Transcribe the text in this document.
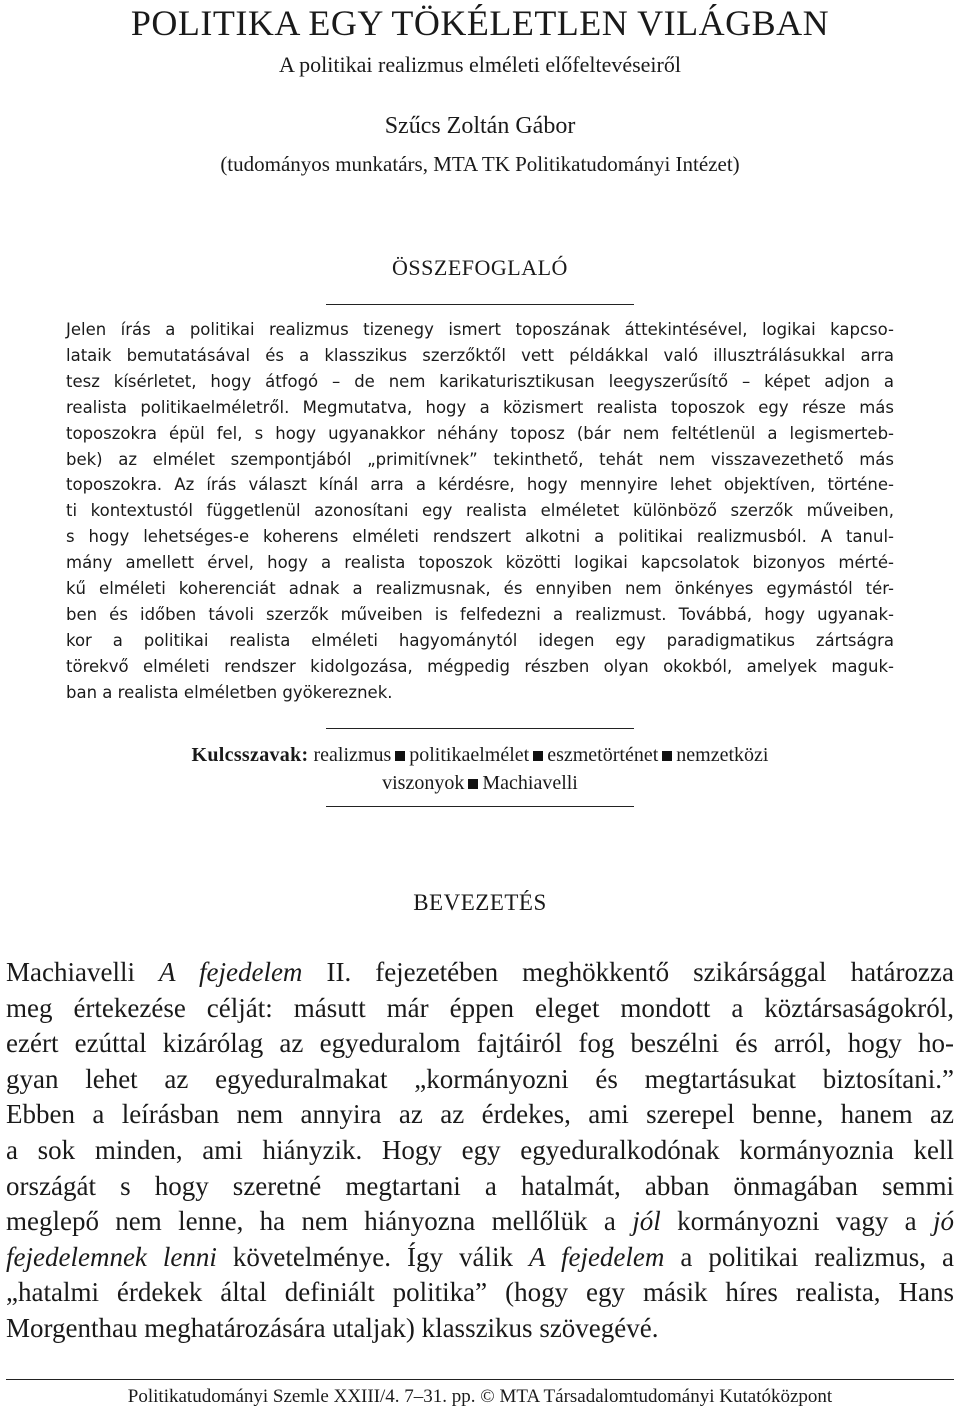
POLITIKA EGY TÖKÉLETLEN VILÁGBAN
A politikai realizmus elméleti előfeltevéseiről
Szűcs Zoltán Gábor
(tudományos munkatárs, MTA TK Politikatudományi Intézet)
ÖSSZEFOGLALÓ
Jelen írás a politikai realizmus tizenegy ismert toposzának áttekintésével, logikai kapcso-
lataik bemutatásával és a klasszikus szerzőktől vett példákkal való illusztrálásukkal arra
tesz kísérletet, hogy átfogó – de nem karikaturisztikusan leegyszerűsítő – képet adjon a
realista politikaelméletről. Megmutatva, hogy a közismert realista toposzok egy része más
toposzokra épül fel, s hogy ugyanakkor néhány toposz (bár nem feltétlenül a legismerteb-
bek) az elmélet szempontjából „primitívnek” tekinthető, tehát nem visszavezethető más
toposzokra. Az írás választ kínál arra a kérdésre, hogy mennyire lehet objektíven, történe-
ti kontextustól függetlenül azonosítani egy realista elméletet különböző szerzők műveiben,
s hogy lehetséges-e koherens elméleti rendszert alkotni a politikai realizmusból. A tanul-
mány amellett érvel, hogy a realista toposzok közötti logikai kapcsolatok bizonyos mérté-
kű elméleti koherenciát adnak a realizmusnak, és ennyiben nem önkényes egymástól tér-
ben és időben távoli szerzők műveiben is felfedezni a realizmust. Továbbá, hogy ugyanak-
kor a politikai realista elméleti hagyománytól idegen egy paradigmatikus zártságra
törekvő elméleti rendszer kidolgozása, mégpedig részben olyan okokból, amelyek maguk-
ban a realista elméletben gyökereznek.
Kulcsszavak: realizmus politikaelmélet eszmetörténet nemzetközi
viszonyok Machiavelli
BEVEZETÉS
Machiavelli A fejedelem II. fejezetében meghökkentő szikársággal határozza
meg értekezése célját: másutt már éppen eleget mondott a köztársaságokról,
ezért ezúttal kizárólag az egyeduralom fajtáiról fog beszélni és arról, hogy ho-
gyan lehet az egyeduralmakat „kormányozni és megtartásukat biztosítani.”
Ebben a leírásban nem annyira az az érdekes, ami szerepel benne, hanem az
a sok minden, ami hiányzik. Hogy egy egyeduralkodónak kormányoznia kell
országát s hogy szeretné megtartani a hatalmát, abban önmagában semmi
meglepő nem lenne, ha nem hiányozna mellőlük a jól kormányozni vagy a jó
fejedelemnek lenni követelménye. Így válik A fejedelem a politikai realizmus, a
„hatalmi érdekek által definiált politika” (hogy egy másik híres realista, Hans
Morgenthau meghatározására utaljak) klasszikus szövegévé.
Politikatudományi Szemle XXIII/4. 7–31. pp. © MTA Társadalomtudományi Kutatóközpont
